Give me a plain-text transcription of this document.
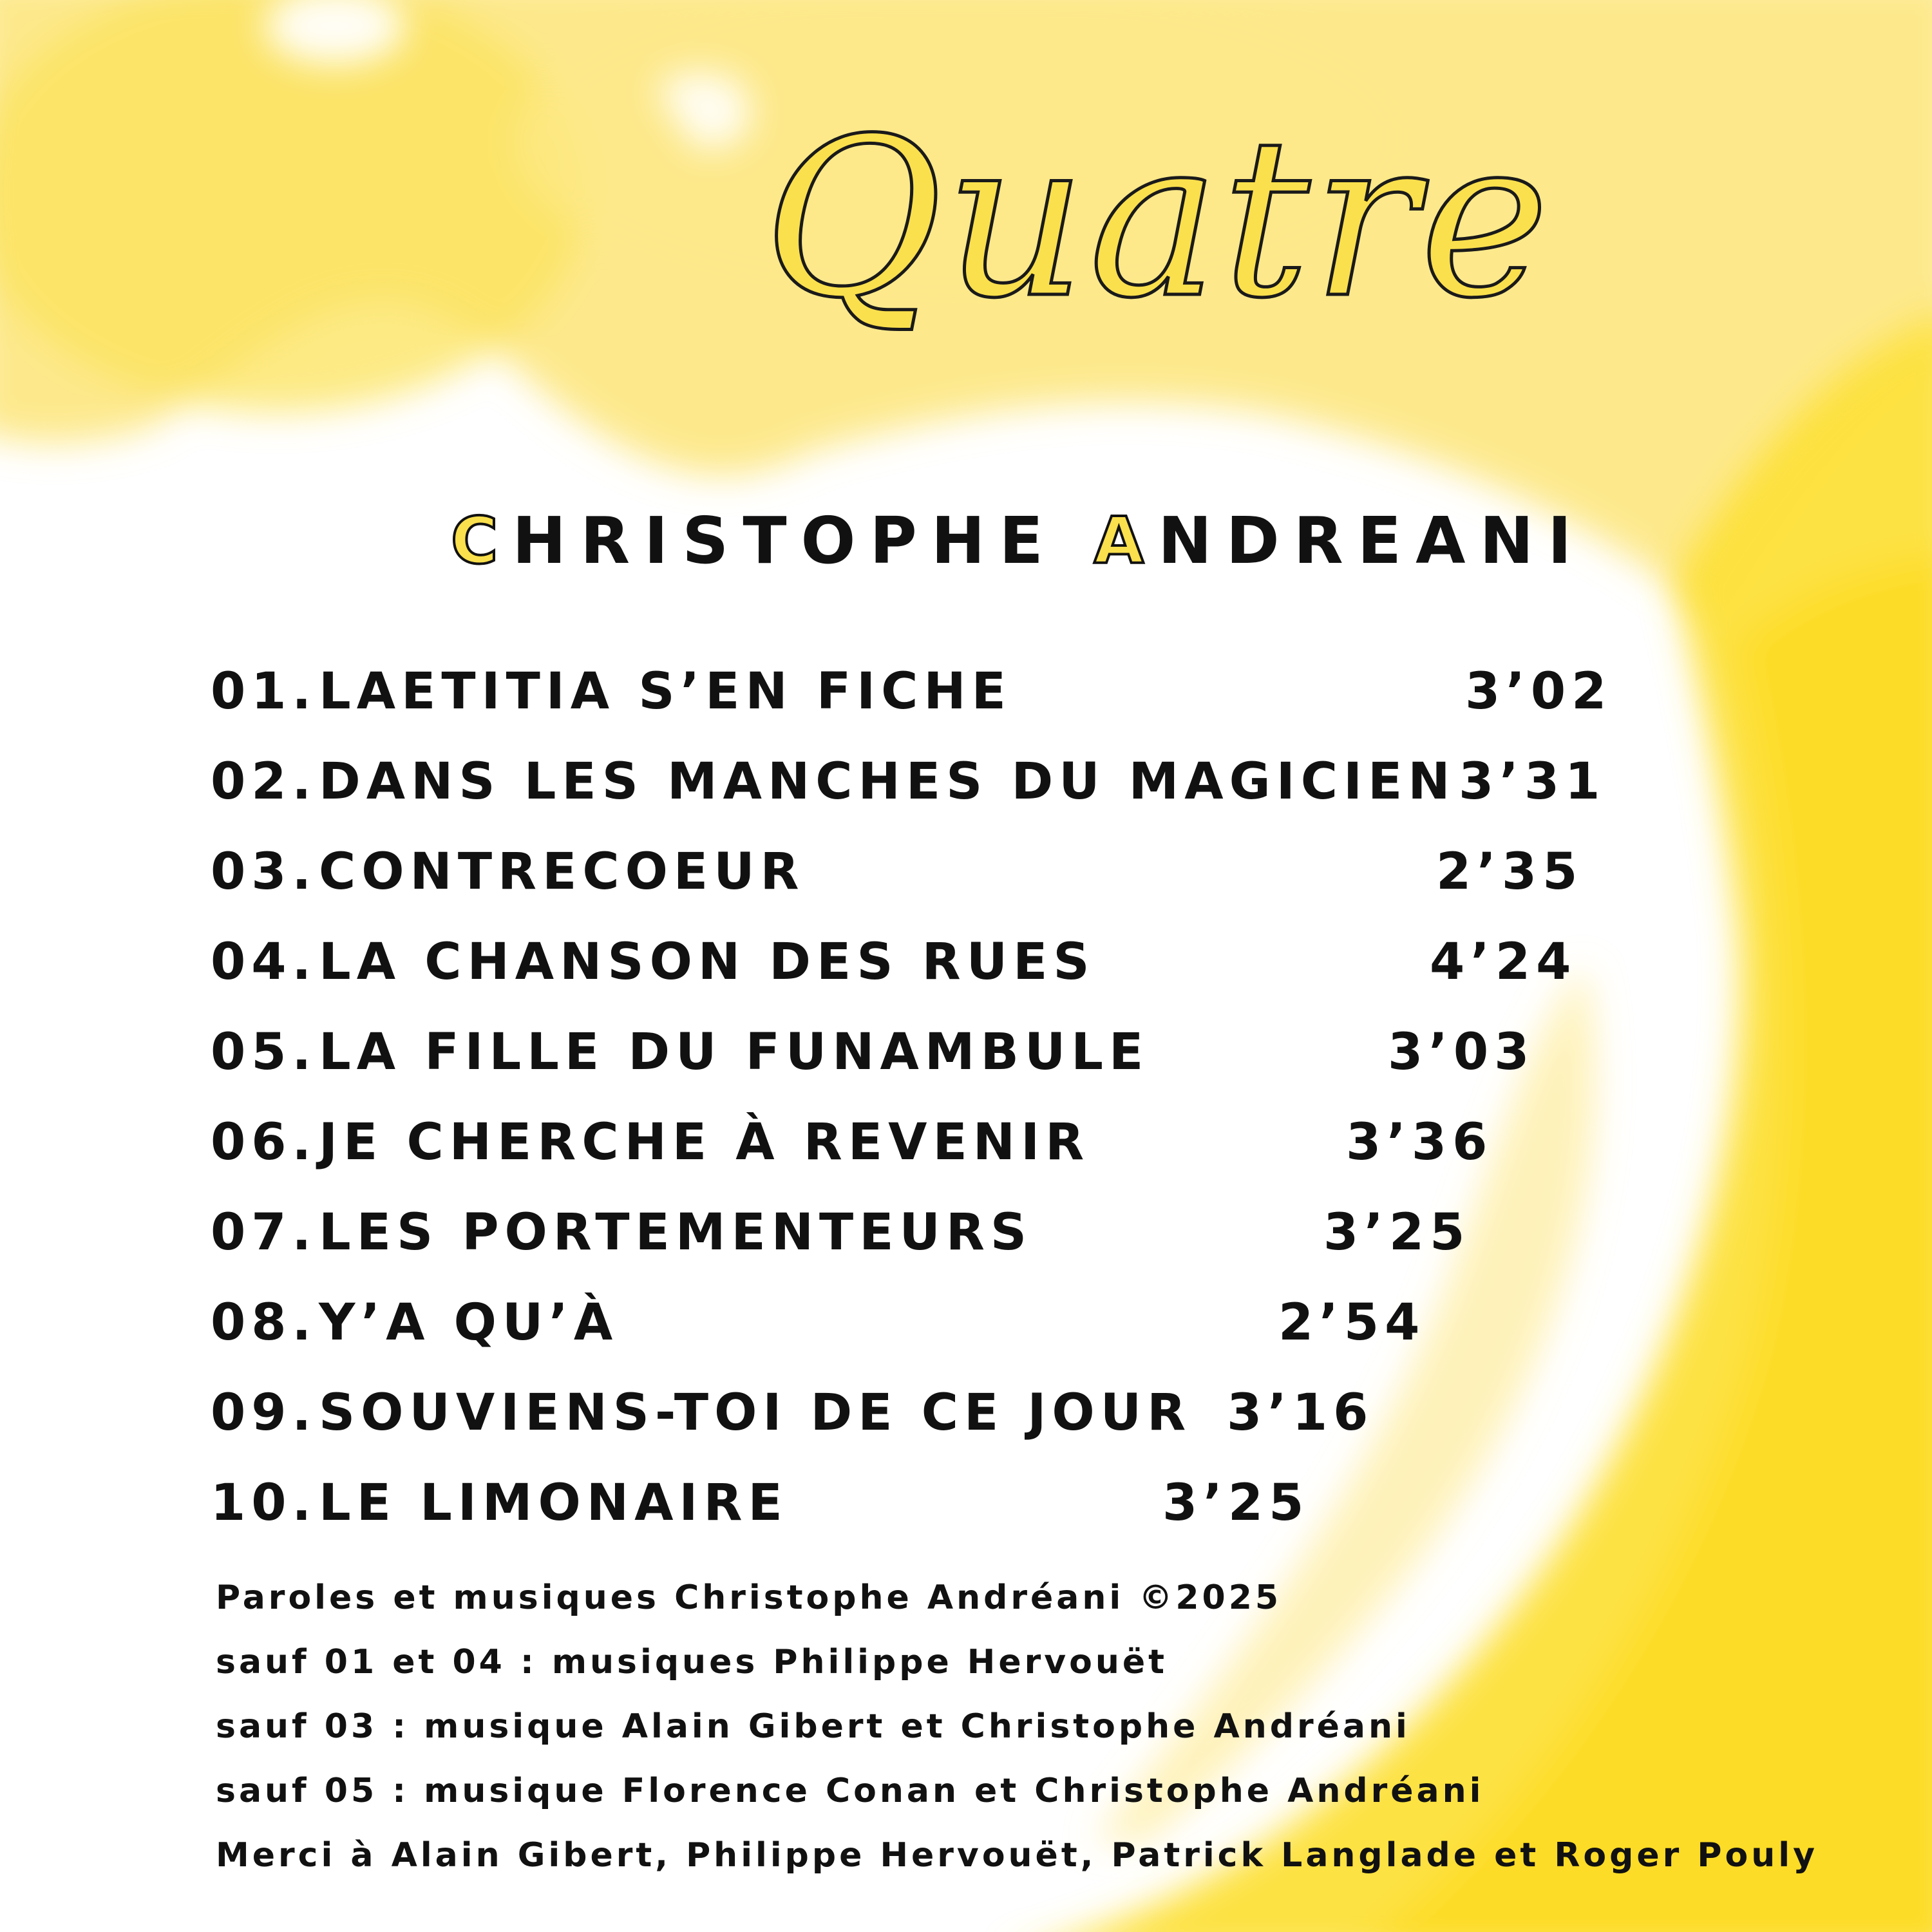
Quatre
CHRISTOPHE ANDREANI

01.LAETITIA S’EN FICHE	3’02

02.DANS LES MANCHES DU MAGICIEN 3’31

03.CONTRECOEUR	2’35

04.LA CHANSON DES RUES	4’24

05.LA FILLE DU FUNAMBULE	3’03

06.JE CHERCHE À REVENIR	3’36

07.LES PORTEMENTEURS	3’25

08.Y’A QU’À	2’54

09.SOUVIENS-TOI DE CE JOUR 3’16

10.LE LIMONAIRE	3’25

Paroles et musiques Christophe Andréani ©2025

sauf 01 et 04 : musiques Philippe Hervouët

sauf 03 : musique Alain Gibert et Christophe Andréani

sauf 05 : musique Florence Conan et Christophe Andréani

Merci à Alain Gibert, Philippe Hervouët, Patrick Langlade et Roger Pouly
